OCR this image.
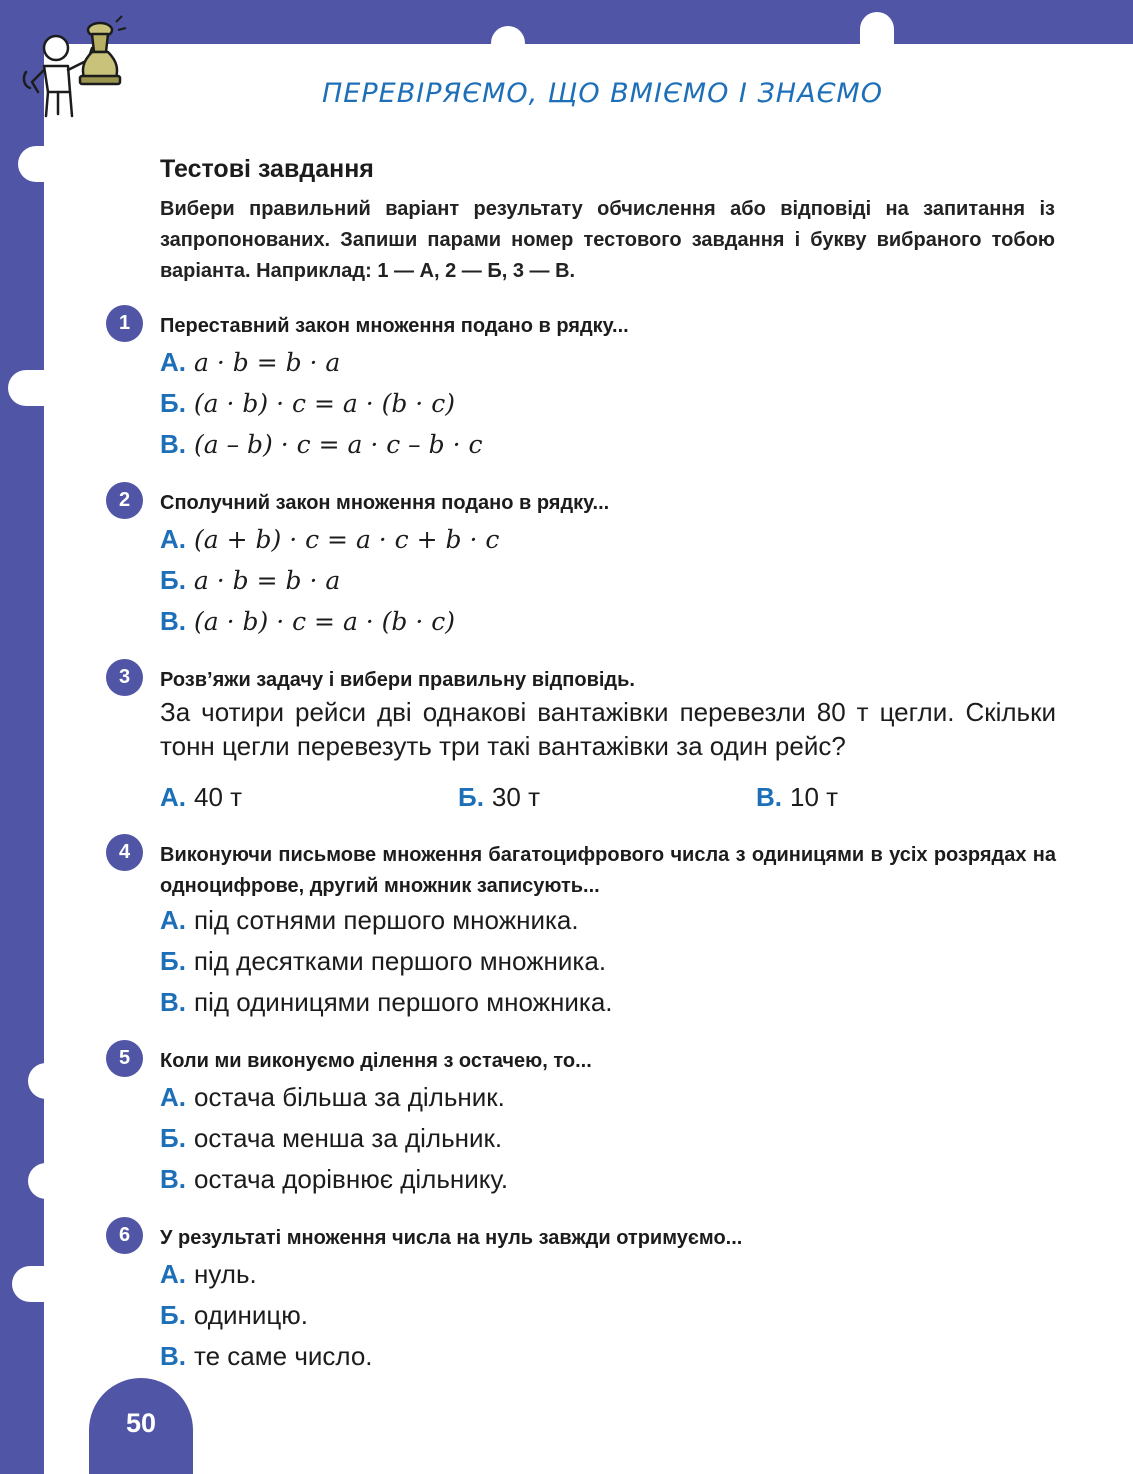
ПЕРЕВІРЯЄМО, ЩО ВМІЄМО І ЗНАЄМО
Тестові завдання
Вибери правильний варіант результату обчислення або відповіді на запитання із запропонованих. Запиши парами номер тестового завдання і букву вибраного тобою варіанта. Наприклад: 1 — А, 2 — Б, 3 — В.
1	Переставний закон множення подано в рядку...
А. a · b = b · a
Б. (a · b) · c = a · (b · c)
В. (a – b) · c = a · c – b · c
2	Сполучний закон множення подано в рядку...
А. (a + b) · c = a · c + b · c
Б. a · b = b · a
В. (a · b) · c = a · (b · c)
3	Розв’яжи задачу і вибери правильну відповідь.
За чотири рейси дві однакові вантажівки перевезли 80 т цегли. Скільки тонн цегли перевезуть три такі вантажівки за один рейс?
А. 40 т	Б. 30 т	В. 10 т
4	Виконуючи письмове множення багатоцифрового числа з одиницями в усіх розрядах на одноцифрове, другий множник записують...
А. під сотнями першого множника.
Б. під десятками першого множника.
В. під одиницями першого множника.
5	Коли ми виконуємо ділення з остачею, то...
А. остача більша за дільник.
Б. остача менша за дільник.
В. остача дорівнює дільнику.
6	У результаті множення числа на нуль завжди отримуємо...
А. нуль.
Б. одиницю.
В. те саме число.
50
